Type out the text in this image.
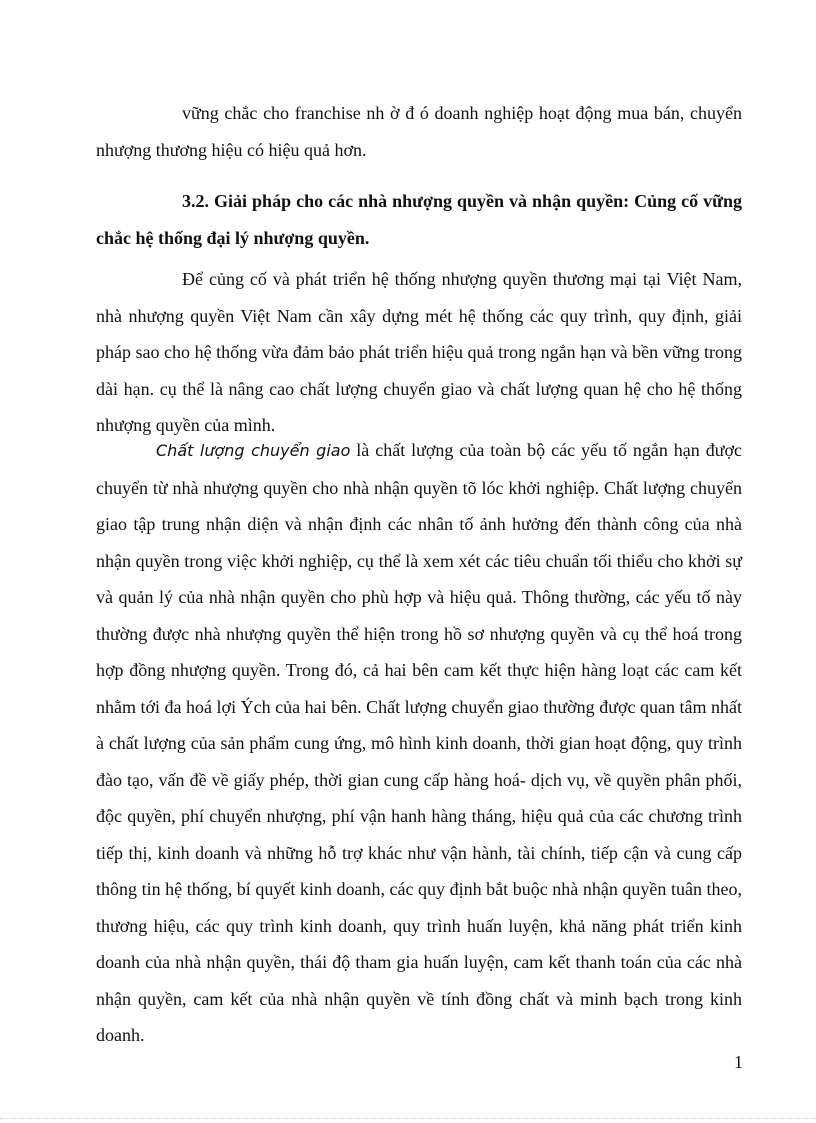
vững chắc cho franchise nh ờ đ ó doanh nghiệp hoạt động mua bán, chuyển nhượng thương hiệu có hiệu quả hơn.

3.2. Giải pháp cho các nhà nhượng quyền và nhận quyền: Củng cố vững chắc hệ thống đại lý nhượng quyền.

Để củng cố và phát triển hệ thống nhượng quyền thương mại tại Việt Nam, nhà nhượng quyền Việt Nam cần xây dựng mét hệ thống các quy trình, quy định, giải pháp sao cho hệ thống vừa đảm bảo phát triển hiệu quả trong ngắn hạn và bền vững trong dài hạn. cụ thể là nâng cao chất lượng chuyển giao và chất lượng quan hệ cho hệ thống nhượng quyền của mình.

Chất lượng chuyển giao là chất lượng của toàn bộ các yếu tố ngắn hạn được chuyển từ nhà nhượng quyền cho nhà nhận quyền tõ lóc khởi nghiệp. Chất lượng chuyển giao tập trung nhận diện và nhận định các nhân tố ảnh hưởng đến thành công của nhà nhận quyền trong việc khởi nghiệp, cụ thể là xem xét các tiêu chuẩn tối thiểu cho khởi sự và quản lý của nhà nhận quyền cho phù hợp và hiệu quả. Thông thường, các yếu tố này thường được nhà nhượng quyền thể hiện trong hồ sơ nhượng quyền và cụ thể hoá trong hợp đồng nhượng quyền. Trong đó, cả hai bên cam kết thực hiện hàng loạt các cam kết nhằm tới đa hoá lợi Ých của hai bên. Chất lượng chuyển giao thường được quan tâm nhất à chất lượng của sản phẩm cung ứng, mô hình kinh doanh, thời gian hoạt động, quy trình đào tạo, vấn đề về giấy phép, thời gian cung cấp hàng hoá- dịch vụ, về quyền phân phối, độc quyền, phí chuyển nhượng, phí vận hanh hàng tháng, hiệu quả của các chương trình tiếp thị, kinh doanh và những hỗ trợ khác như vận hành, tài chính, tiếp cận và cung cấp thông tin hệ thống, bí quyết kinh doanh, các quy định bắt buộc nhà nhận quyền tuân theo, thương hiệu, các quy trình kinh doanh, quy trình huấn luyện, khả năng phát triển kinh doanh của nhà nhận quyền, thái độ tham gia huấn luyện, cam kết thanh toán của các nhà nhận quyền, cam kết của nhà nhận quyền về tính đồng chất và minh bạch trong kinh doanh.

1
